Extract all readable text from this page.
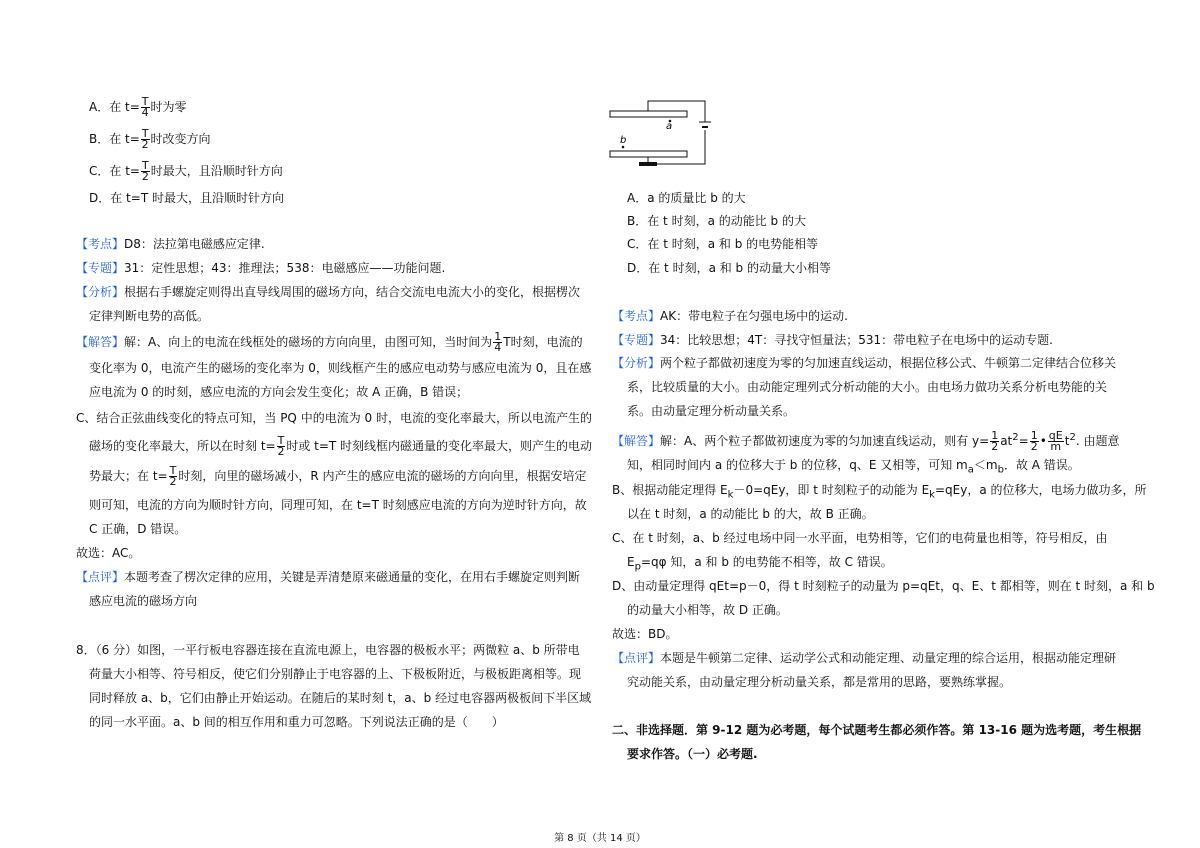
A．在 $t= \frac{T}{4}$ 时为零
B．在 $t= \frac{T}{2}$ 时改变方向
C．在 $t= \frac{T}{2}$ 时最大，且沿顺时针方向
D．在 t=T 时最大，且沿顺时针方向
【考点】D8：法拉第电磁感应定律.
【专题】31：定性思想；43：推理法；538：电磁感应——功能问题.
【分析】根据右手螺旋定则得出直导线周围的磁场方向，结合交流电电流大小的变化，根据楞次
定律判断电势的高低。
【解答】解：A、向上的电流在线框处的磁场的方向向里，由图可知，当时间为 $\frac{1}{4}$ T时刻，电流的
变化率为 0，电流产生的磁场的变化率为 0，则线框产生的感应电动势与感应电流为 0，且在感
应电流为 0 的时刻，感应电流的方向会发生变化；故 A 正确，B 错误；
C、结合正弦曲线变化的特点可知，当 PQ 中的电流为 0 时，电流的变化率最大，所以电流产生的
磁场的变化率最大，所以在时刻 $t= \frac{T}{2}$ 时或 t=T 时刻线框内磁通量的变化率最大，则产生的电动
势最大；在 $t= \frac{T}{2}$ 时刻，向里的磁场减小，R 内产生的感应电流的磁场的方向向里，根据安培定
则可知，电流的方向为顺时针方向，同理可知，在 t=T 时刻感应电流的方向为逆时针方向，故
C 正确，D 错误。
故选：AC。
【点评】本题考查了楞次定律的应用，关键是弄清楚原来磁通量的变化，在用右手螺旋定则判断
感应电流的磁场方向
8．（6 分）如图，一平行板电容器连接在直流电源上，电容器的极板水平；两微粒 a、b 所带电
荷量大小相等、符号相反，使它们分别静止于电容器的上、下极板附近，与极板距离相等。现
同时释放 a、b，它们由静止开始运动。在随后的某时刻 t，a、b 经过电容器两极板间下半区域
的同一水平面。a、b 间的相互作用和重力可忽略。下列说法正确的是（　　）
a
b
A．a 的质量比 b 的大
B．在 t 时刻，a 的动能比 b 的大
C．在 t 时刻，a 和 b 的电势能相等
D．在 t 时刻，a 和 b 的动量大小相等
【考点】AK：带电粒子在匀强电场中的运动.
【专题】34：比较思想；4T：寻找守恒量法；531：带电粒子在电场中的运动专题.
【分析】两个粒子都做初速度为零的匀加速直线运动，根据位移公式、牛顿第二定律结合位移关
系，比较质量的大小。由动能定理列式分析动能的大小。由电场力做功关系分析电势能的关
系。由动量定理分析动量关系。
【解答】解：A、两个粒子都做初速度为零的匀加速直线运动，则有 $y= \frac{1}{2} at^2= \frac{1}{2}$ • $\frac{qE}{m} t^2$. 由题意
知，相同时间内 a 的位移大于 b 的位移，q、E 又相等，可知 $m_a<m_b$．故 A 错误。
B、根据动能定理得 $E_k-0=qEy$，即 t 时刻粒子的动能为 $E_k=qEy$，a 的位移大，电场力做功多，所
以在 t 时刻，a 的动能比 b 的大，故 B 正确。
C、在 t 时刻，a、b 经过电场中同一水平面，电势相等，它们的电荷量也相等，符号相反，由
$E_p=q\varphi$ 知，a 和 b 的电势能不相等，故 C 错误。
D、由动量定理得 qEt=p－0，得 t 时刻粒子的动量为 p=qEt，q、E、t 都相等，则在 t 时刻，a 和 b
的动量大小相等，故 D 正确。
故选：BD。
【点评】本题是牛顿第二定律、运动学公式和动能定理、动量定理的综合运用，根据动能定理研
究动能关系，由动量定理分析动量关系，都是常用的思路，要熟练掌握。
二、非选择题．第 9-12 题为必考题，每个试题考生都必须作答。第 13-16 题为选考题，考生根据
要求作答。（一）必考题.
第 8 页（共 14 页）
